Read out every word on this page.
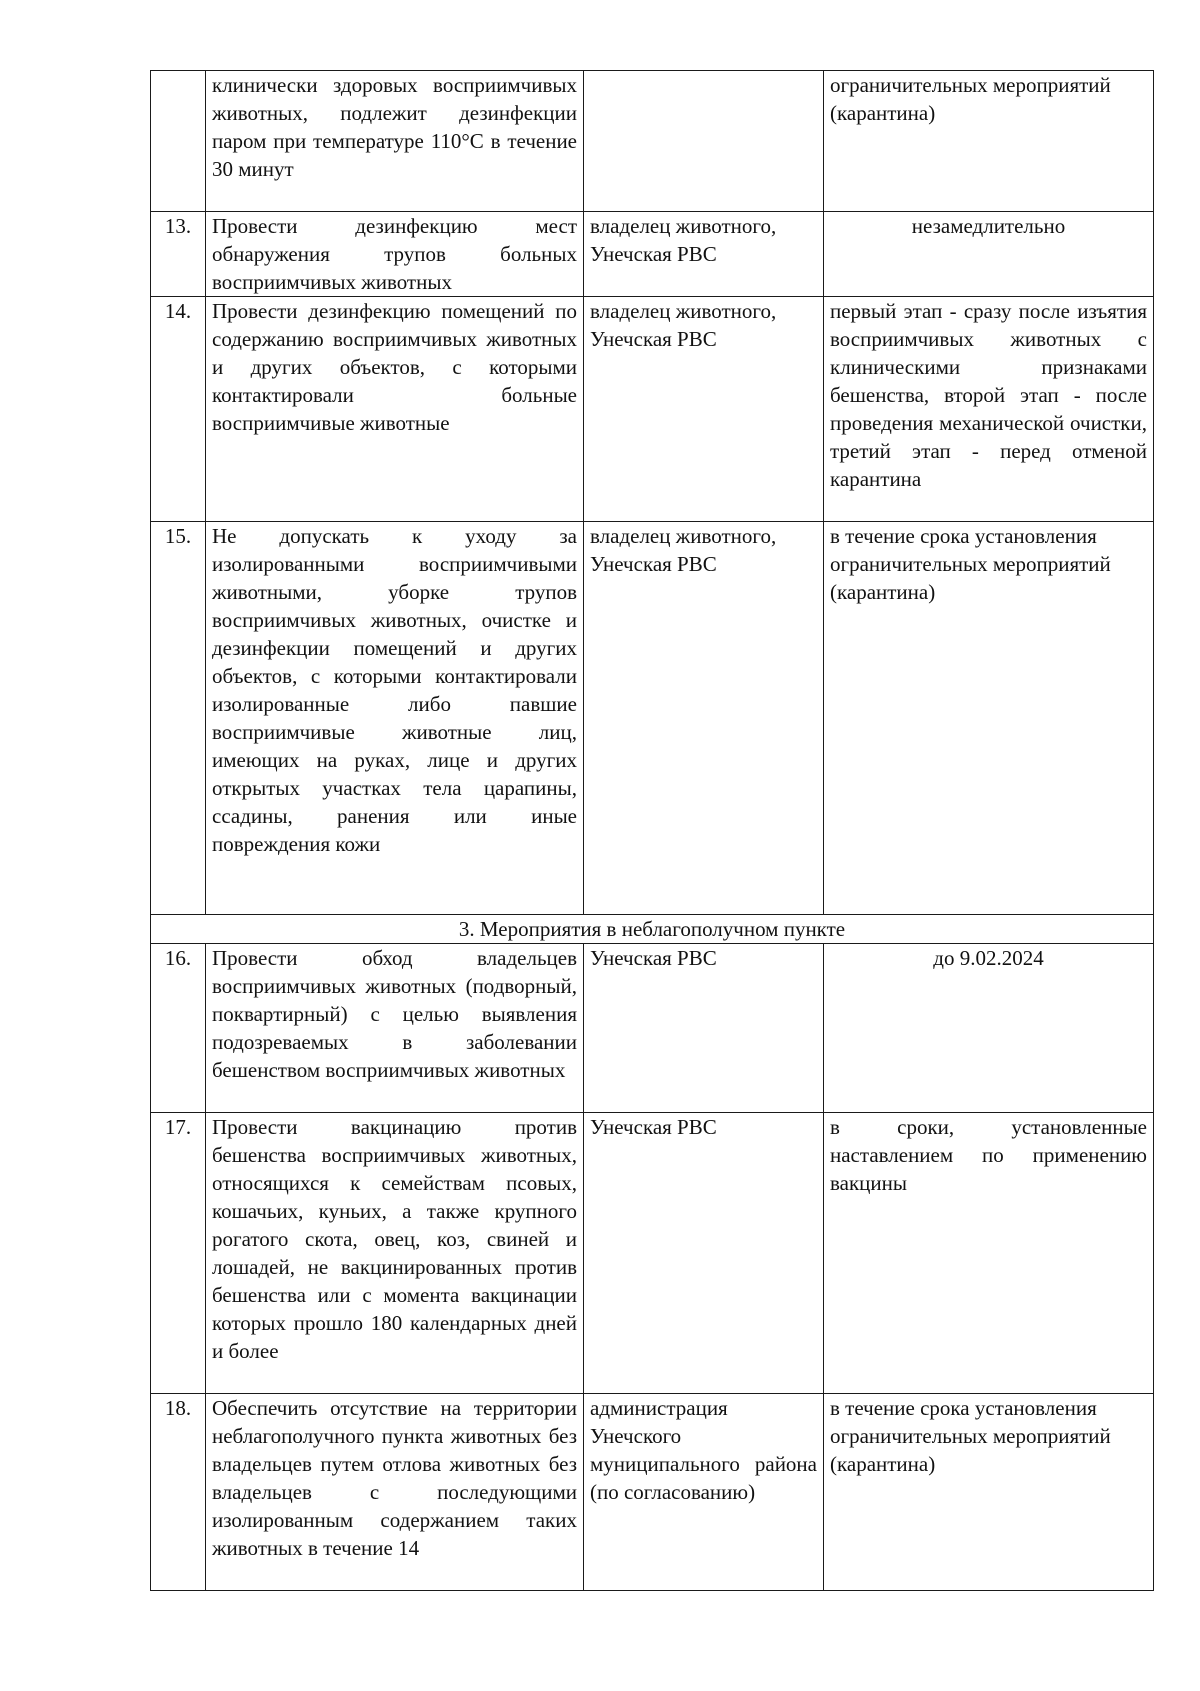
	клинически здоровых восприимчивых животных, подлежит дезинфекции паром при температуре 110°С в течение 30 минут		ограничительных мероприятий (карантина)
13.	Провести дезинфекцию мест обнаружения трупов больных восприимчивых животных	владелец животного, Унечская РВС	незамедлительно
14.	Провести дезинфекцию помещений по содержанию восприимчивых животных и других объектов, с которыми контактировали больные восприимчивые животные	владелец животного, Унечская РВС	первый этап - сразу после изъятия восприимчивых животных с клиническими признаками бешенства, второй этап - после проведения механической очистки, третий этап - перед отменой карантина
15.	Не допускать к уходу за изолированными восприимчивыми животными, уборке трупов восприимчивых животных, очистке и дезинфекции помещений и других объектов, с которыми контактировали изолированные либо павшие восприимчивые животные лиц, имеющих на руках, лице и других открытых участках тела царапины, ссадины, ранения или иные повреждения кожи	владелец животного, Унечская РВС	в течение срока установления ограничительных мероприятий (карантина)
3. Мероприятия в неблагополучном пункте			
16.	Провести обход владельцев восприимчивых животных (подворный, поквартирный) с целью выявления подозреваемых в заболевании бешенством восприимчивых животных	Унечская РВС	до 9.02.2024
17.	Провести вакцинацию против бешенства восприимчивых животных, относящихся к семействам псовых, кошачьих, куньих, а также крупного рогатого скота, овец, коз, свиней и лошадей, не вакцинированных против бешенства или с момента вакцинации которых прошло 180 календарных дней и более	Унечская РВС	в сроки, установленные наставлением по применению вакцины
18.	Обеспечить отсутствие на территории неблагополучного пункта животных без владельцев путем отлова животных без владельцев с последующими изолированным содержанием таких животных в течение 14	администрация Унечского муниципального района (по согласованию)	в течение срока установления ограничительных мероприятий (карантина)
